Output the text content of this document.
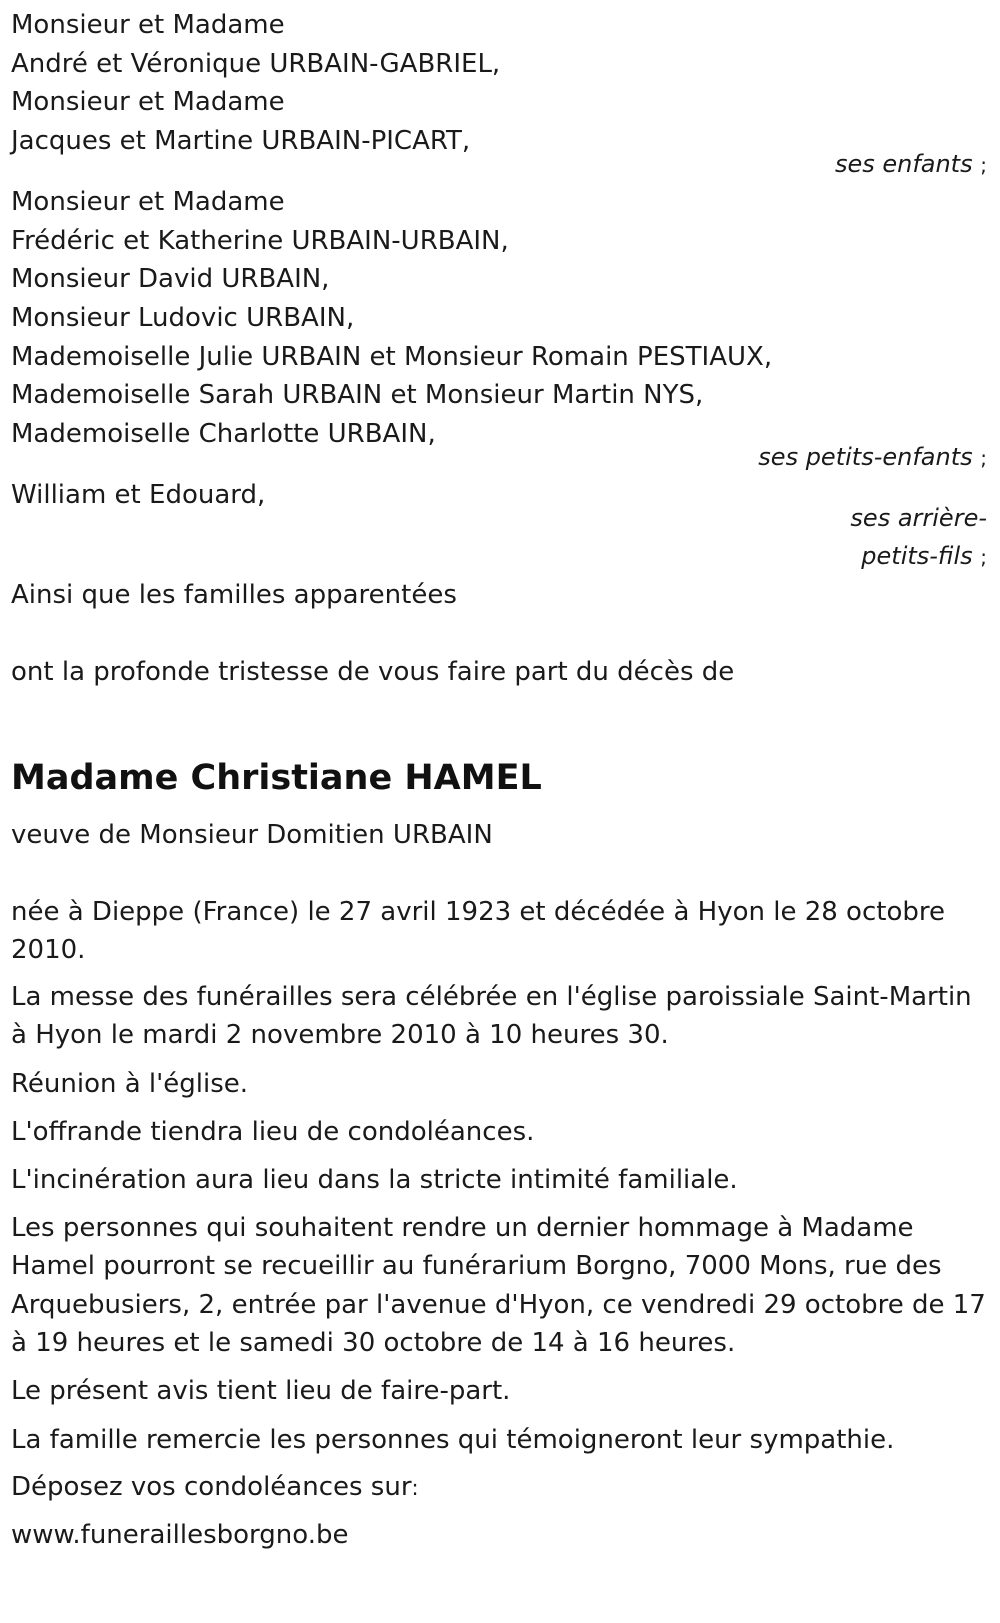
Monsieur et Madame
André et Véronique URBAIN-GABRIEL,
Monsieur et Madame
Jacques et Martine URBAIN-PICART,
ses enfants ;
Monsieur et Madame
Frédéric et Katherine URBAIN-URBAIN,
Monsieur David URBAIN,
Monsieur Ludovic URBAIN,
Mademoiselle Julie URBAIN et Monsieur Romain PESTIAUX,
Mademoiselle Sarah URBAIN et Monsieur Martin NYS,
Mademoiselle Charlotte URBAIN,
ses petits-enfants ;
William et Edouard,
ses arrière-
petits-fils ;
Ainsi que les familles apparentées
ont la profonde tristesse de vous faire part du décès de
Madame Christiane HAMEL
veuve de Monsieur Domitien URBAIN
née à Dieppe (France) le 27 avril 1923 et décédée à Hyon le 28 octobre
2010.
La messe des funérailles sera célébrée en l'église paroissiale Saint-Martin
à Hyon le mardi 2 novembre 2010 à 10 heures 30.
Réunion à l'église.
L'offrande tiendra lieu de condoléances.
L'incinération aura lieu dans la stricte intimité familiale.
Les personnes qui souhaitent rendre un dernier hommage à Madame
Hamel pourront se recueillir au funérarium Borgno, 7000 Mons, rue des
Arquebusiers, 2, entrée par l'avenue d'Hyon, ce vendredi 29 octobre de 17
à 19 heures et le samedi 30 octobre de 14 à 16 heures.
Le présent avis tient lieu de faire-part.
La famille remercie les personnes qui témoigneront leur sympathie.
Déposez vos condoléances sur:
www.funeraillesborgno.be
